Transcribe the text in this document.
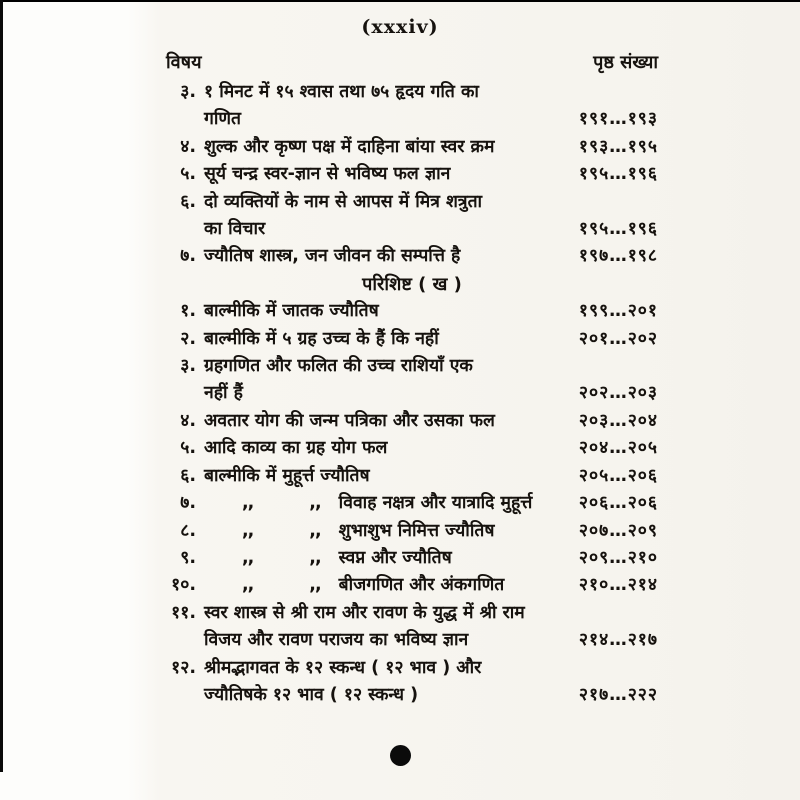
(xxxiv)
विषय	पृष्ठ संख्या
३. १ मिनट में १५ श्वास तथा ७५ हृदय गति का
गणित	१९१…१९३
४. शुल्क और कृष्ण पक्ष में दाहिना बांया स्वर क्रम	१९३…१९५
५. सूर्य चन्द्र स्वर-ज्ञान से भविष्य फल ज्ञान	१९५…१९६
६. दो व्यक्तियों के नाम से आपस में मित्र शत्रुता
का विचार	१९५…१९६
७. ज्यौतिष शास्त्र, जन जीवन की सम्पत्ति है	१९७…१९८
परिशिष्ट ( ख )
१. बाल्मीकि में जातक ज्यौतिष	१९९…२०१
२. बाल्मीकि में ५ ग्रह उच्च के हैं कि नहीं	२०१…२०२
३. ग्रहगणित और फलित की उच्च राशियाँ एक
नहीं हैं	२०२…२०३
४. अवतार योग की जन्म पत्रिका और उसका फल	२०३…२०४
५. आदि काव्य का ग्रह योग फल	२०४…२०५
६. बाल्मीकि में मुहूर्त्त ज्यौतिष	२०५…२०६
७.	,,	,, विवाह नक्षत्र और यात्रादि मुहूर्त्त	२०६…२०६
८.	,,	,, शुभाशुभ निमित्त ज्यौतिष	२०७…२०९
९.	,,	,, स्वप्न और ज्यौतिष	२०९…२१०
१०.	,,	,, बीजगणित और अंकगणित	२१०…२१४
११. स्वर शास्त्र से श्री राम और रावण के युद्ध में श्री राम
विजय और रावण पराजय का भविष्य ज्ञान	२१४…२१७
१२. श्रीमद्भागवत के १२ स्कन्ध ( १२ भाव ) और
ज्यौतिषके १२ भाव ( १२ स्कन्ध )	२१७…२२२
